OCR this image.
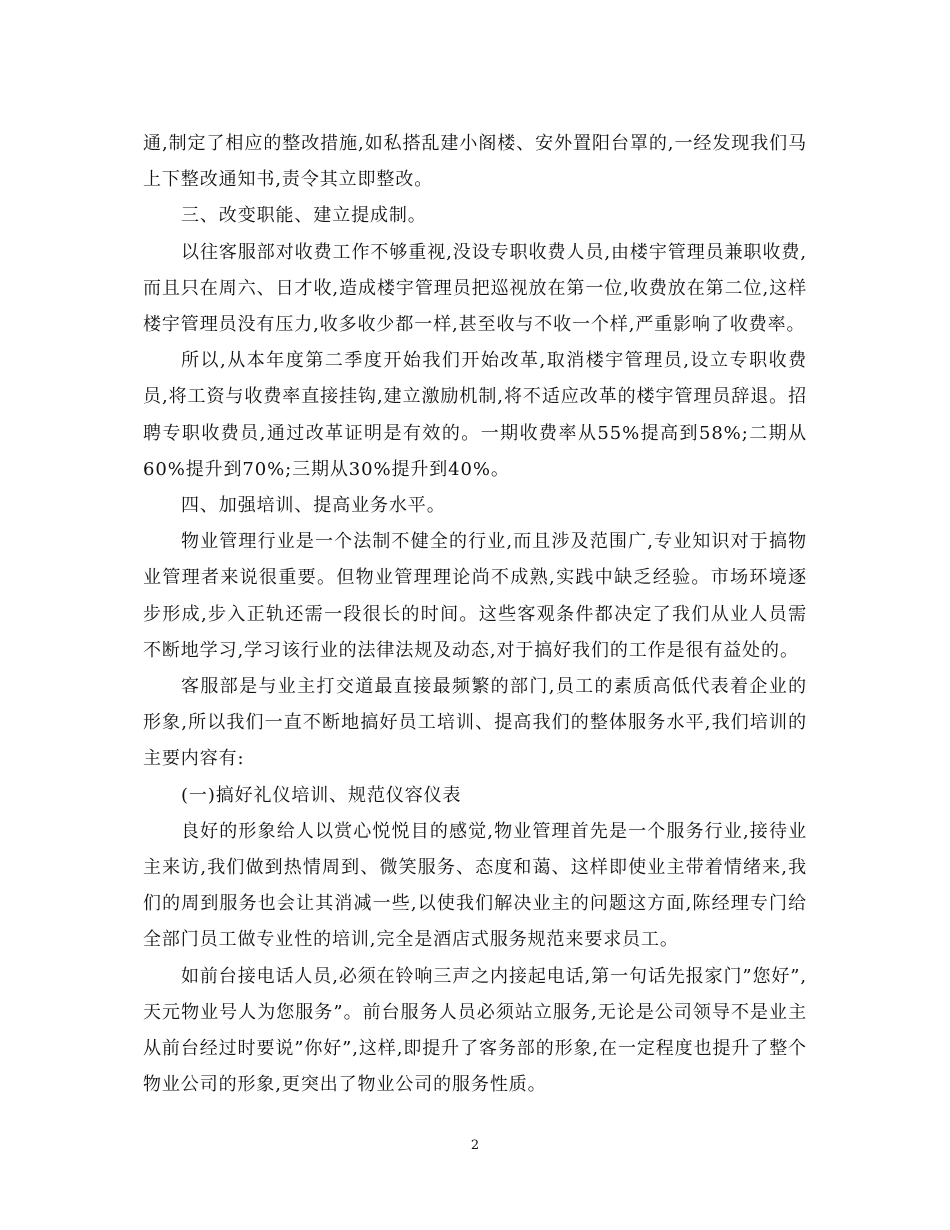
通,制定了相应的整改措施,如私搭乱建小阁楼、安外置阳台罩的,一经发现我们马上下整改通知书,责令其立即整改。

三、改变职能、建立提成制。

以往客服部对收费工作不够重视,没设专职收费人员,由楼宇管理员兼职收费,而且只在周六、日才收,造成楼宇管理员把巡视放在第一位,收费放在第二位,这样楼宇管理员没有压力,收多收少都一样,甚至收与不收一个样,严重影响了收费率。

所以,从本年度第二季度开始我们开始改革,取消楼宇管理员,设立专职收费员,将工资与收费率直接挂钩,建立激励机制,将不适应改革的楼宇管理员辞退。招聘专职收费员,通过改革证明是有效的。一期收费率从55%提高到58%;二期从60%提升到70%;三期从30%提升到40%。

四、加强培训、提高业务水平。

物业管理行业是一个法制不健全的行业,而且涉及范围广,专业知识对于搞物业管理者来说很重要。但物业管理理论尚不成熟,实践中缺乏经验。市场环境逐步形成,步入正轨还需一段很长的时间。这些客观条件都决定了我们从业人员需不断地学习,学习该行业的法律法规及动态,对于搞好我们的工作是很有益处的。

客服部是与业主打交道最直接最频繁的部门,员工的素质高低代表着企业的形象,所以我们一直不断地搞好员工培训、提高我们的整体服务水平,我们培训的主要内容有:

(一)搞好礼仪培训、规范仪容仪表

良好的形象给人以赏心悦悦目的感觉,物业管理首先是一个服务行业,接待业主来访,我们做到热情周到、微笑服务、态度和蔼、这样即使业主带着情绪来,我们的周到服务也会让其消减一些,以使我们解决业主的问题这方面,陈经理专门给全部门员工做专业性的培训,完全是酒店式服务规范来要求员工。

如前台接电话人员,必须在铃响三声之内接起电话,第一句话先报家门”您好”,天元物业号人为您服务”。前台服务人员必须站立服务,无论是公司领导不是业主从前台经过时要说”你好”,这样,即提升了客务部的形象,在一定程度也提升了整个物业公司的形象,更突出了物业公司的服务性质。

2
